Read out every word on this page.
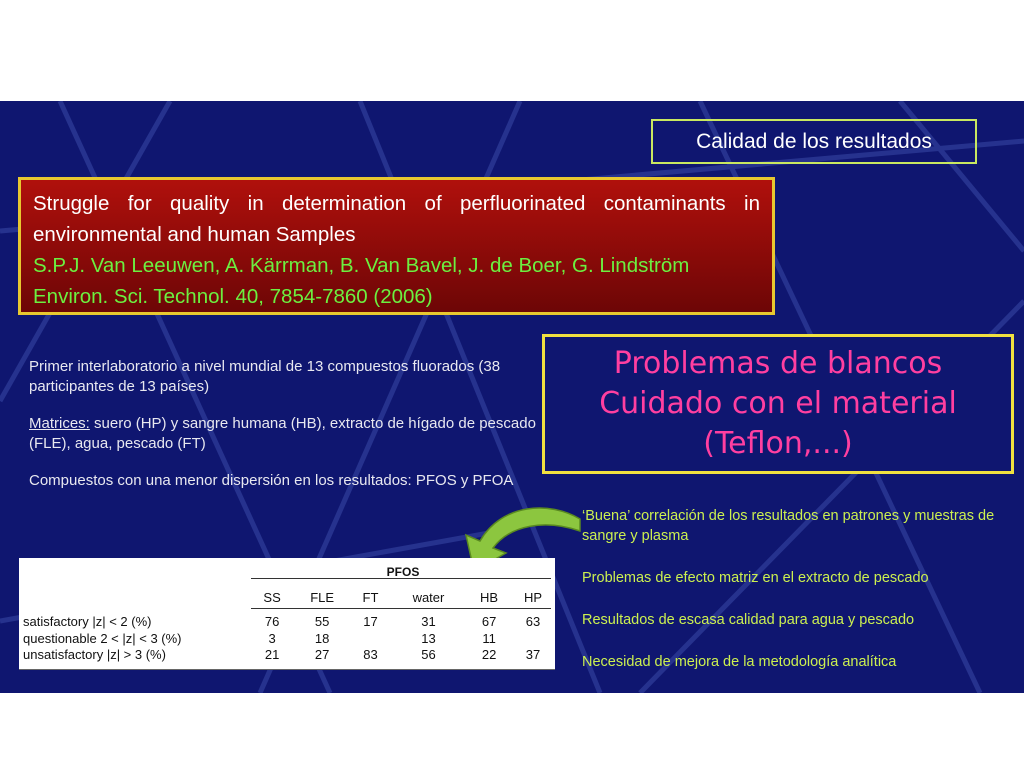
Calidad de los resultados
Struggle for quality in determination of perfluorinated contaminants in environmental and human Samples
S.P.J. Van Leeuwen, A. Kärrman, B. Van Bavel, J. de Boer, G. Lindström
Environ. Sci. Technol. 40, 7854-7860 (2006)

Primer interlaboratorio a nivel mundial de 13 compuestos fluorados (38 participantes de 13 países)

Matrices: suero (HP) y sangre humana (HB), extracto de hígado de pescado (FLE), agua, pescado (FT)

Compuestos con una menor dispersión en los resultados: PFOS y PFOA

Problemas de blancos
Cuidado con el material
(Teflon,...)
‘Buena’ correlación de los resultados en patrones y muestras de sangre y plasma
Problemas de efecto matriz en el extracto de pescado
Resultados de escasa calidad para agua y pescado
Necesidad de mejora de la metodología analítica
	PFOS					
	SS	FLE	FT	water	HB	HP
satisfactory |z| < 2 (%)	76	55	17	31	67	63
questionable 2 < |z| < 3 (%)	3	18		13	11	
unsatisfactory |z| > 3 (%)	21	27	83	56	22	37
